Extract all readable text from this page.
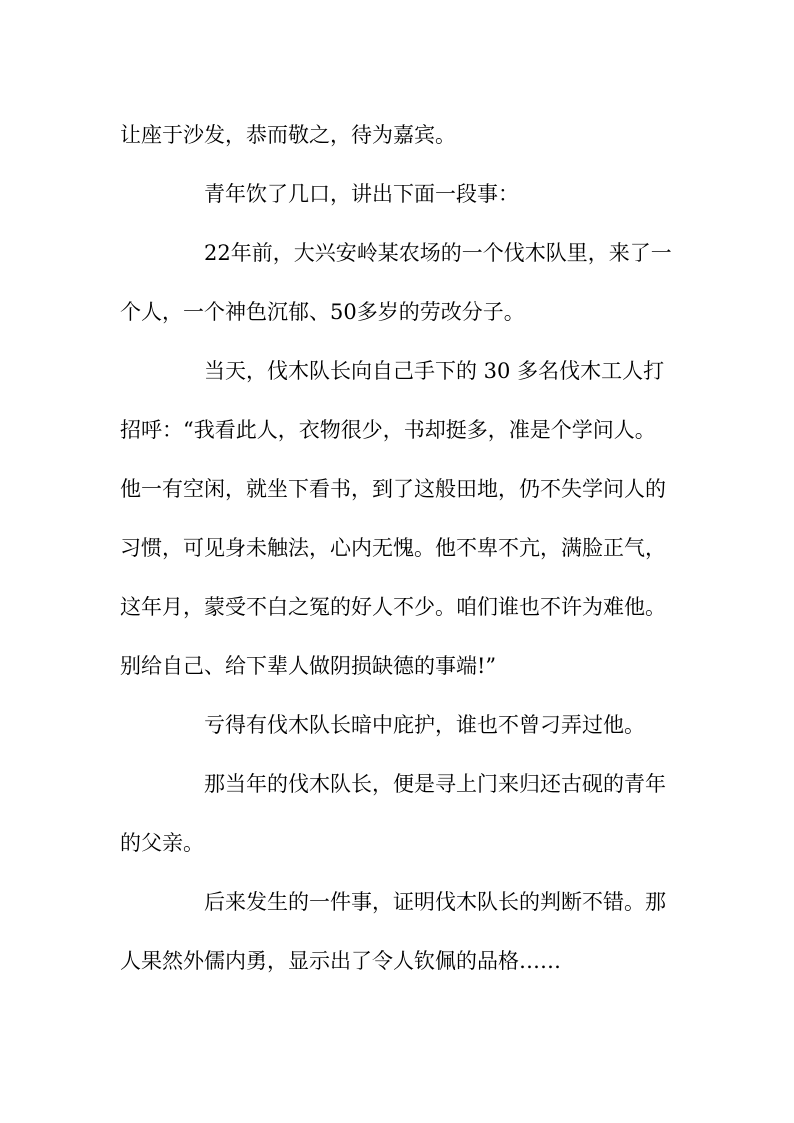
让座于沙发，恭而敬之，待为嘉宾。
青年饮了几口，讲出下面一段事：
22年前，大兴安岭某农场的一个伐木队里，来了一
个人，一个神色沉郁、50多岁的劳改分子。
当天，伐木队长向自己手下的 30 多名伐木工人打
招呼：“我看此人，衣物很少，书却挺多，准是个学问人。
他一有空闲，就坐下看书，到了这般田地，仍不失学问人的
习惯，可见身未触法，心内无愧。他不卑不亢，满脸正气，
这年月，蒙受不白之冤的好人不少。咱们谁也不许为难他。
别给自己、给下辈人做阴损缺德的事端!”
亏得有伐木队长暗中庇护，谁也不曾刁弄过他。
那当年的伐木队长，便是寻上门来归还古砚的青年
的父亲。
后来发生的一件事，证明伐木队长的判断不错。那
人果然外儒内勇，显示出了令人钦佩的品格……
